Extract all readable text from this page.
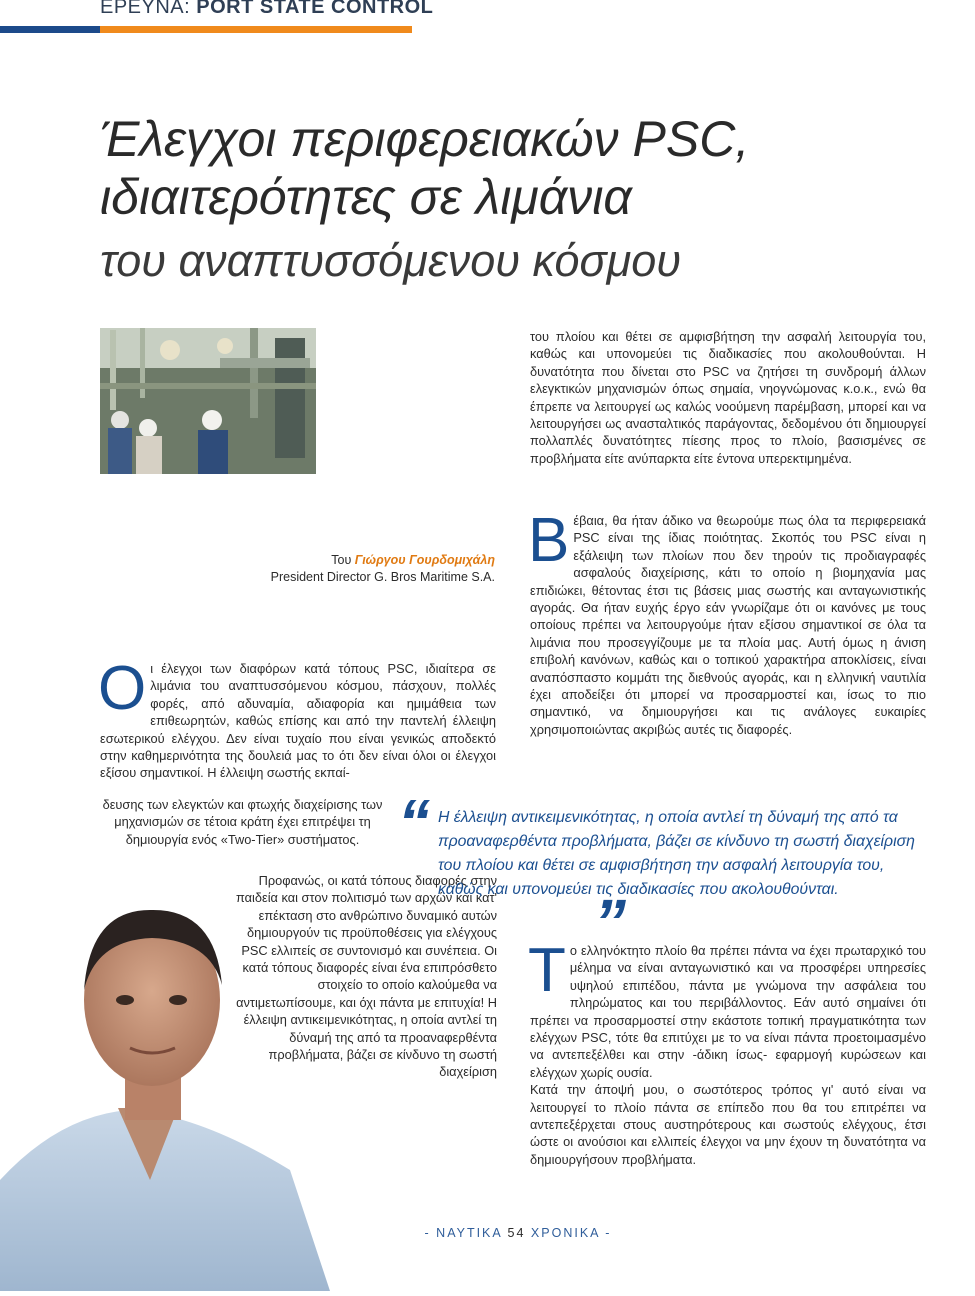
ΕΡΕΥΝΑ: PORT STATE CONTROL
Έλεγχοι περιφερειακών PSC,
ιδιαιτερότητες σε λιμάνια
του αναπτυσσόμενου κόσμου
Του Γιώργου Γουρδομιχάλη
President Director G. Bros Maritime S.A.
Ο ι έλεγχοι των διαφόρων κατά τόπους PSC, ιδιαίτερα σε λιμάνια του αναπτυσσόμενου κόσμου, πάσχουν, πολλές φορές, από αδυναμία, αδιαφορία και ημιμάθεια των επιθεωρητών, καθώς επίσης και από την παντελή έλλειψη εσωτερικού ελέγχου. Δεν είναι τυχαίο που είναι γενικώς αποδεκτό στην καθημερινότητα της δουλειά μας το ότι δεν είναι όλοι οι έλεγχοι εξίσου σημαντικοί. Η έλλειψη σωστής εκπαί-

δευσης των ελεγκτών και φτωχής διαχείρισης των μηχανισμών σε τέτοια κράτη έχει επιτρέψει τη δημιουργία ενός «Two-Tier» συστήματος.

Προφανώς, οι κατά τόπους διαφορές στην παιδεία και στον πολιτισμό των αρχών και κατ' επέκταση στο ανθρώπινο δυναμικό αυτών δημιουργούν τις προϋποθέσεις για ελέγχους PSC ελλιπείς σε συντονισμό και συνέπεια. Οι κατά τόπους διαφορές είναι ένα επιπρόσθετο στοιχείο το οποίο καλούμεθα να αντιμετωπίσουμε, και όχι πάντα με επιτυχία! Η έλλειψη αντικειμενικότητας, η οποία αντλεί τη δύναμή της από τα προαναφερθέντα προβλήματα, βάζει σε κίνδυνο τη σωστή διαχείριση

του πλοίου και θέτει σε αμφισβήτηση την ασφαλή λειτουργία του, καθώς και υπονομεύει τις διαδικασίες που ακολουθούνται. Η δυνατότητα που δίνεται στο PSC να ζητήσει τη συνδρομή άλλων ελεγκτικών μηχανισμών όπως σημαία, νηογνώμονας κ.ο.κ., ενώ θα έπρεπε να λειτουργεί ως καλώς νοούμενη παρέμβαση, μπορεί και να λειτουργήσει ως ανασταλτικός παράγοντας, δεδομένου ότι δημιουργεί πολλαπλές δυνατότητες πίεσης προς το πλοίο, βασισμένες σε προβλήματα είτε ανύπαρκτα είτε έντονα υπερεκτιμημένα.

Β έβαια, θα ήταν άδικο να θεωρούμε πως όλα τα περιφερειακά PSC είναι της ίδιας ποιότητας. Σκοπός του PSC είναι η εξάλειψη των πλοίων που δεν τηρούν τις προδιαγραφές ασφαλούς διαχείρισης, κάτι το οποίο η βιομηχανία μας επιδιώκει, θέτοντας έτσι τις βάσεις μιας σωστής και ανταγωνιστικής αγοράς. Θα ήταν ευχής έργο εάν γνωρίζαμε ότι οι κανόνες με τους οποίους πρέπει να λειτουργούμε ήταν εξίσου σημαντικοί σε όλα τα λιμάνια που προσεγγίζουμε με τα πλοία μας. Αυτή όμως η άνιση επιβολή κανόνων, καθώς και ο τοπικού χαρακτήρα αποκλίσεις, είναι αναπόσπαστο κομμάτι της διεθνούς αγοράς, και η ελληνική ναυτιλία έχει αποδείξει ότι μπορεί να προσαρμοστεί και, ίσως το πιο σημαντικό, να δημιουργήσει και τις ανάλογες ευκαιρίες χρησιμοποιώντας ακριβώς αυτές τις διαφορές.

“ Η έλλειψη αντικειμενικότητας, η οποία αντλεί τη δύναμή της από τα προαναφερθέντα προβλήματα, βάζει σε κίνδυνο τη σωστή διαχείριση του πλοίου και θέτει σε αμφισβήτηση την ασφαλή λειτουργία του, καθώς και υπονομεύει τις διαδικασίες που ακολουθούνται.
”
Τ ο ελληνόκτητο πλοίο θα πρέπει πάντα να έχει πρωταρχικό του μέλημα να είναι ανταγωνιστικό και να προσφέρει υπηρεσίες υψηλού επιπέδου, πάντα με γνώμονα την ασφάλεια του πληρώματος και του περιβάλλοντος. Εάν αυτό σημαίνει ότι πρέπει να προσαρμοστεί στην εκάστοτε τοπική πραγματικότητα των ελέγχων PSC, τότε θα επιτύχει με το να είναι πάντα προετοιμασμένο να αντεπεξέλθει και στην -άδικη ίσως- εφαρμογή κυρώσεων και ελέγχων χωρίς ουσία.

Κατά την άποψή μου, ο σωστότερος τρόπος γι' αυτό είναι να λειτουργεί το πλοίο πάντα σε επίπεδο που θα του επιτρέπει να αντεπεξέρχεται στους αυστηρότερους και σωστούς ελέγχους, έτσι ώστε οι ανούσιοι και ελλιπείς έλεγχοι να μην έχουν τη δυνατότητα να δημιουργήσουν προβλήματα.

- ΝΑΥΤΙΚΑ 54 ΧΡΟΝΙΚΑ -
